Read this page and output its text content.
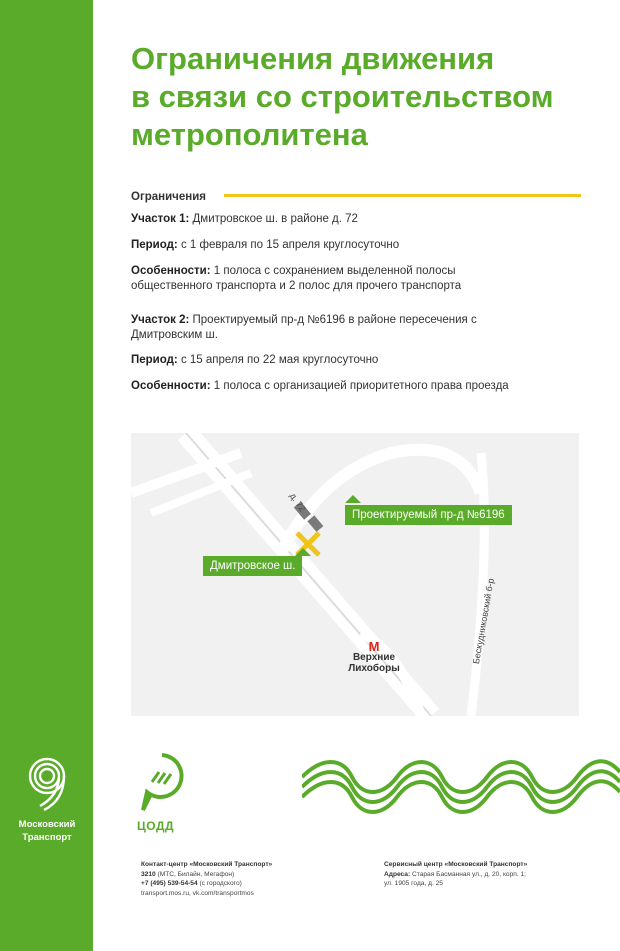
Московский
Транспорт
Ограничения движения
в связи со строительством
метрополитена
Ограничения
Участок 1: Дмитровское ш. в районе д. 72
Период: с 1 февраля по 15 апреля круглосуточно
Особенности: 1 полоса с сохранением выделенной полосы общественного транспорта и 2 полос для прочего транспорта
Участок 2: Проектируемый пр-д №6196 в районе пересечения с Дмитровским ш.
Период: с 15 апреля по 22 мая круглосуточно
Особенности: 1 полоса с организацией приоритетного права проезда
Проектируемый пр-д №6196
Дмитровское ш.
д. 72
Бескудниковский б-р
М
Верхние
Лихоборы
ЦОДД
Контакт-центр «Московский Транспорт»
3210 (МТС, Билайн, Мегафон)
+7 (495) 539-54-54 (с городского)
transport.mos.ru, vk.com/transportmos
Сервисный центр «Московский Транспорт»
Адреса: Старая Басманная ул., д. 20, корп. 1;
ул. 1905 года, д. 25
